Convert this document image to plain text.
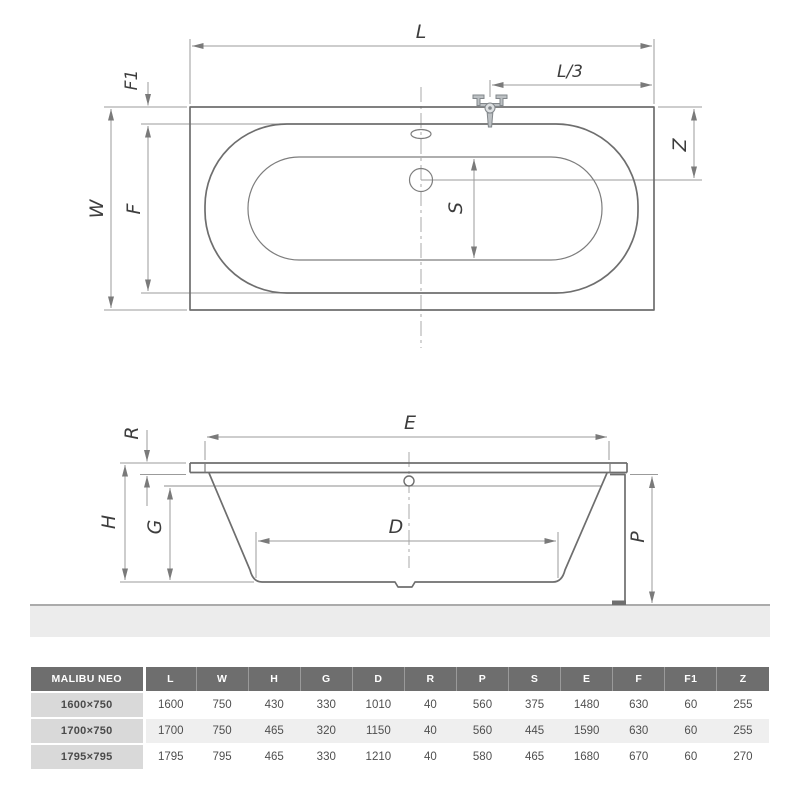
L
L/3
F1
W F
Z
S
E
R
H G	D	P
MALIBU NEO	L	W	H	G	D	R	P	S	E	F	F1	Z
1600×750	1600	750	430	330	1010	40	560	375	1480	630	60	255
1700×750	1700	750	465	320	1150	40	560	445	1590	630	60	255
1795×795	1795	795	465	330	1210	40	580	465	1680	670	60	270
